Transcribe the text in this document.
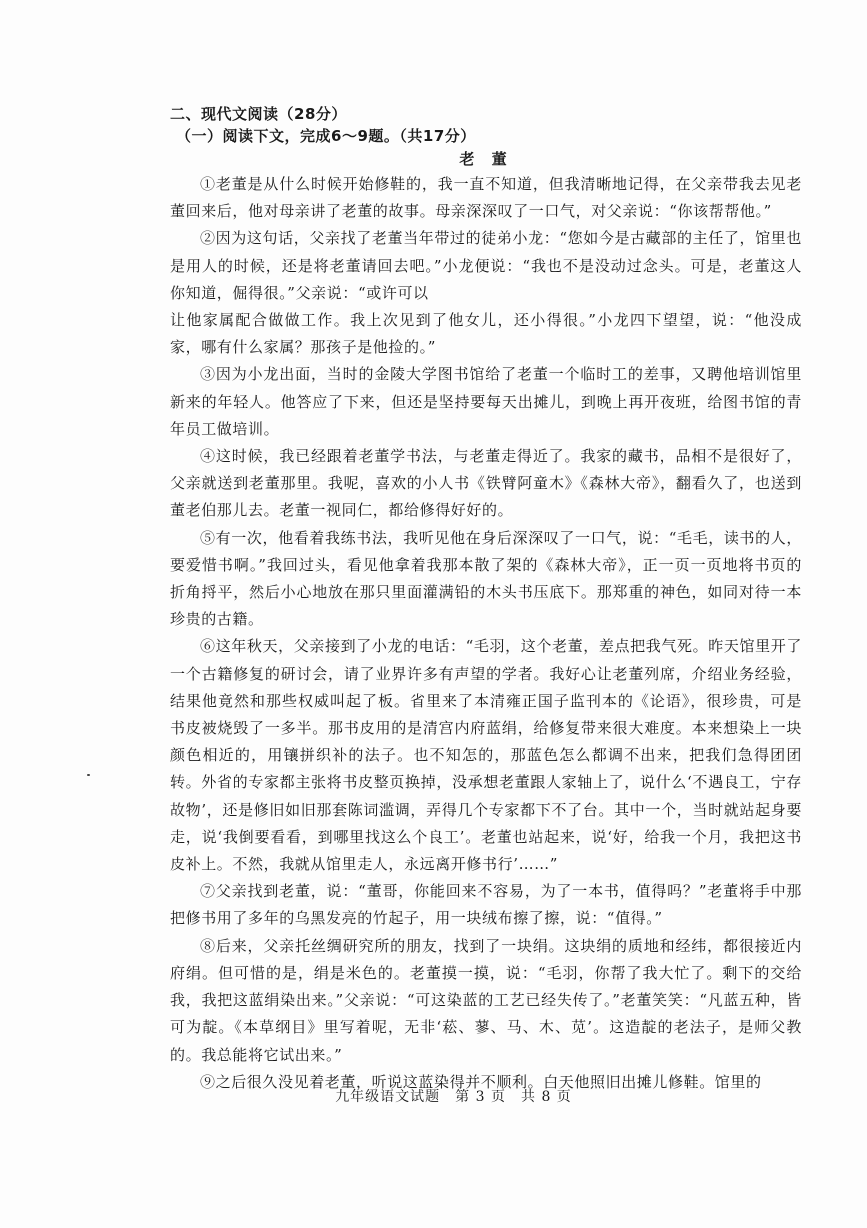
二、现代文阅读（28分）

（一）阅读下文，完成6～9题。（共17分）

老 董

①老董是从什么时候开始修鞋的，我一直不知道，但我清晰地记得，在父亲带我去见老董回来后，他对母亲讲了老董的故事。母亲深深叹了一口气，对父亲说：“你该帮帮他。”

②因为这句话，父亲找了老董当年带过的徒弟小龙：“您如今是古藏部的主任了，馆里也是用人的时候，还是将老董请回去吧。”小龙便说：“我也不是没动过念头。可是，老董这人你知道，倔得很。”父亲说：“或许可以

让他家属配合做做工作。我上次见到了他女儿，还小得很。”小龙四下望望，说：“他没成家，哪有什么家属？那孩子是他捡的。”

③因为小龙出面，当时的金陵大学图书馆给了老董一个临时工的差事，又聘他培训馆里新来的年轻人。他答应了下来，但还是坚持要每天出摊儿，到晚上再开夜班，给图书馆的青年员工做培训。

④这时候，我已经跟着老董学书法，与老董走得近了。我家的藏书，品相不是很好了，父亲就送到老董那里。我呢，喜欢的小人书《铁臂阿童木》《森林大帝》，翻看久了，也送到董老伯那儿去。老董一视同仁，都给修得好好的。

⑤有一次，他看着我练书法，我听见他在身后深深叹了一口气，说：“毛毛，读书的人，要爱惜书啊。”我回过头，看见他拿着我那本散了架的《森林大帝》，正一页一页地将书页的折角捋平，然后小心地放在那只里面灌满铅的木头书压底下。那郑重的神色，如同对待一本珍贵的古籍。

⑥这年秋天，父亲接到了小龙的电话：“毛羽，这个老董，差点把我气死。昨天馆里开了一个古籍修复的研讨会，请了业界许多有声望的学者。我好心让老董列席，介绍业务经验，结果他竟然和那些权威叫起了板。省里来了本清雍正国子监刊本的《论语》，很珍贵，可是书皮被烧毁了一多半。那书皮用的是清宫内府蓝绢，给修复带来很大难度。本来想染上一块颜色相近的，用镶拼织补的法子。也不知怎的，那蓝色怎么都调不出来，把我们急得团团转。外省的专家都主张将书皮整页换掉，没承想老董跟人家轴上了，说什么‘不遇良工，宁存故物’，还是修旧如旧那套陈词滥调，弄得几个专家都下不了台。其中一个，当时就站起身要走，说‘我倒要看看，到哪里找这么个良工’。老董也站起来，说‘好，给我一个月，我把这书皮补上。不然，我就从馆里走人，永远离开修书行’……”

⑦父亲找到老董，说：“董哥，你能回来不容易，为了一本书，值得吗？”老董将手中那把修书用了多年的乌黑发亮的竹起子，用一块绒布擦了擦，说：“值得。”

⑧后来，父亲托丝绸研究所的朋友，找到了一块绢。这块绢的质地和经纬，都很接近内府绢。但可惜的是，绢是米色的。老董摸一摸，说：“毛羽，你帮了我大忙了。剩下的交给我，我把这蓝绢染出来。”父亲说：“可这染蓝的工艺已经失传了。”老董笑笑：“凡蓝五种，皆可为靛。《本草纲目》里写着呢，无非‘菘、蓼、马、木、苋’。这造靛的老法子，是师父教的。我总能将它试出来。”

⑨之后很久没见着老董，听说这蓝染得并不顺利。白天他照旧出摊儿修鞋。馆里的

九年级语文试题　第 3 页　共 8 页
